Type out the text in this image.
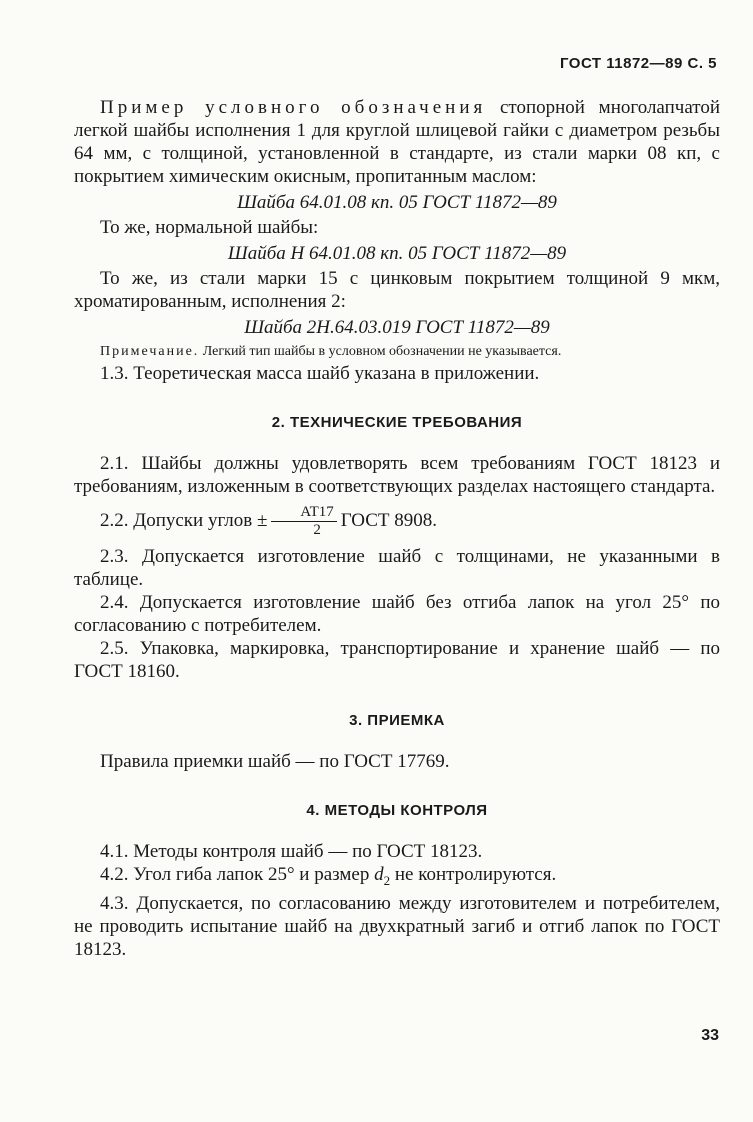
ГОСТ 11872—89 С. 5

Пример условного обозначения стопорной многолапчатой легкой шайбы исполнения 1 для круглой шлицевой гайки с диаметром резьбы 64 мм, с толщиной, установленной в стандарте, из стали марки 08 кп, с покрытием химическим окисным, пропитанным маслом:

Шайба 64.01.08 кп. 05 ГОСТ 11872—89

То же, нормальной шайбы:

Шайба Н 64.01.08 кп. 05 ГОСТ 11872—89

То же, из стали марки 15 с цинковым покрытием толщиной 9 мкм, хроматированным, исполнения 2:

Шайба 2Н.64.03.019 ГОСТ 11872—89

Примечание. Легкий тип шайбы в условном обозначении не указывается.

1.3. Теоретическая масса шайб указана в приложении.

2. ТЕХНИЧЕСКИЕ ТРЕБОВАНИЯ

2.1. Шайбы должны удовлетворять всем требованиям ГОСТ 18123 и требованиям, изложенным в соответствующих разделах настоящего стандарта.

2.2. Допуски углов ± $\frac{AT17}{2}$ ГОСТ 8908.

2.3. Допускается изготовление шайб с толщинами, не указанными в таблице.

2.4. Допускается изготовление шайб без отгиба лапок на угол 25° по согласованию с потребителем.

2.5. Упаковка, маркировка, транспортирование и хранение шайб — по ГОСТ 18160.

3. ПРИЕМКА

Правила приемки шайб — по ГОСТ 17769.

4. МЕТОДЫ КОНТРОЛЯ

4.1. Методы контроля шайб — по ГОСТ 18123.

4.2. Угол гиба лапок 25° и размер $d_2$ не контролируются.

4.3. Допускается, по согласованию между изготовителем и потребителем, не проводить испытание шайб на двухкратный загиб и отгиб лапок по ГОСТ 18123.

33
